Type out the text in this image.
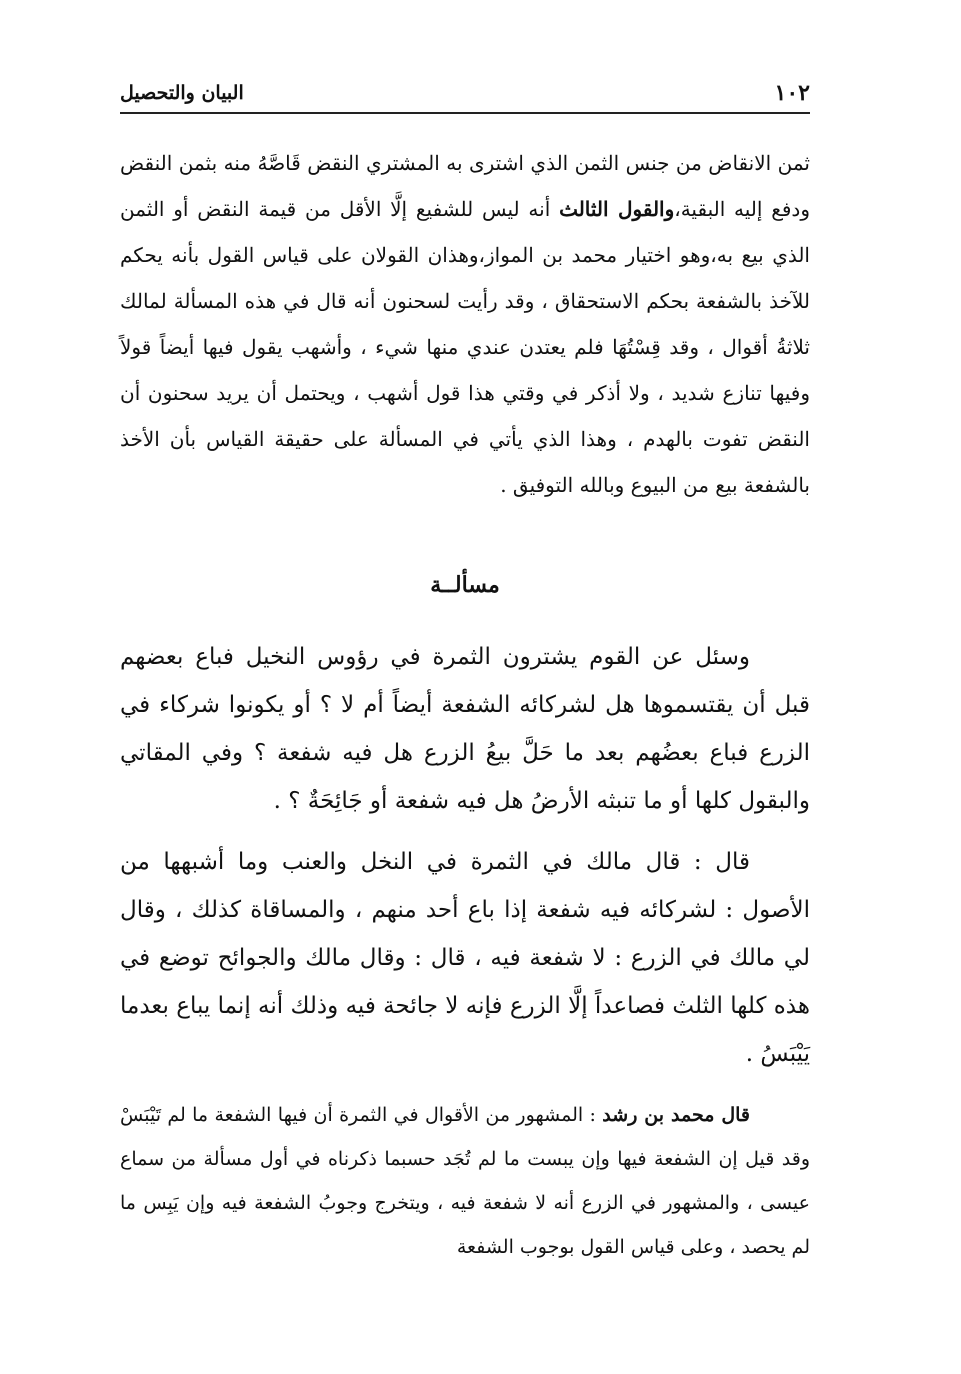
١٠٢
البيان والتحصيل

ثمن الانقاض من جنس الثمن الذي اشترى به المشتري النقض قَاصَّهُ منه بثمن النقض ودفع إليه البقية،والقول الثالث أنه ليس للشفيع إلَّا الأقل من قيمة النقض أو الثمن الذي بيع به،وهو اختيار محمد بن المواز،وهذان القولان على قياس القول بأنه يحكم للآخذ بالشفعة بحكم الاستحقاق ، وقد رأيت لسحنون أنه قال في هذه المسألة لمالك ثلاثةُ أقوال ، وقد قِسْتُهَا فلم يعتدن عندي منها شيء ، وأشهب يقول فيها أيضاً قولاً وفيها تنازع شديد ، ولا أذكر في وقتي هذا قول أشهب ، ويحتمل أن يريد سحنون أن النقض تفوت بالهدم ، وهذا الذي يأتي في المسألة على حقيقة القياس بأن الأخذ بالشفعة بيع من البيوع وبالله التوفيق .

مسألــة

وسئل عن القوم يشترون الثمرة في رؤوس النخيل فباع بعضهم قبل أن يقتسموها هل لشركائه الشفعة أيضاً أم لا ؟ أو يكونوا شركاء في الزرع فباع بعضُهم بعد ما حَلَّ بيعُ الزرع هل فيه شفعة ؟ وفي المقاتي والبقول كلها أو ما تنبثه الأرضُ هل فيه شفعة أو جَائِحَةٌ ؟ .

قال : قال مالك في الثمرة في النخل والعنب وما أشبهها من الأصول : لشركائه فيه شفعة إذا باع أحد منهم ، والمساقاة كذلك ، وقال لي مالك في الزرع : لا شفعة فيه ، قال : وقال مالك والجوائح توضع في هذه كلها الثلث فصاعداً إلَّا الزرع فإنه لا جائحة فيه وذلك أنه إنما يباع بعدما يَيْبَسُ .

قال محمد بن رشد : المشهور من الأقوال في الثمرة أن فيها الشفعة ما لم تَيْبَسْ وقد قيل إن الشفعة فيها وإن يبست ما لم تُجَد حسبما ذكرناه في أول مسألة من سماع عيسى ، والمشهور في الزرع أنه لا شفعة فيه ، ويتخرج وجوبُ الشفعة فيه وإن يَبِس ما لم يحصد ، وعلى قياس القول بوجوب الشفعة
